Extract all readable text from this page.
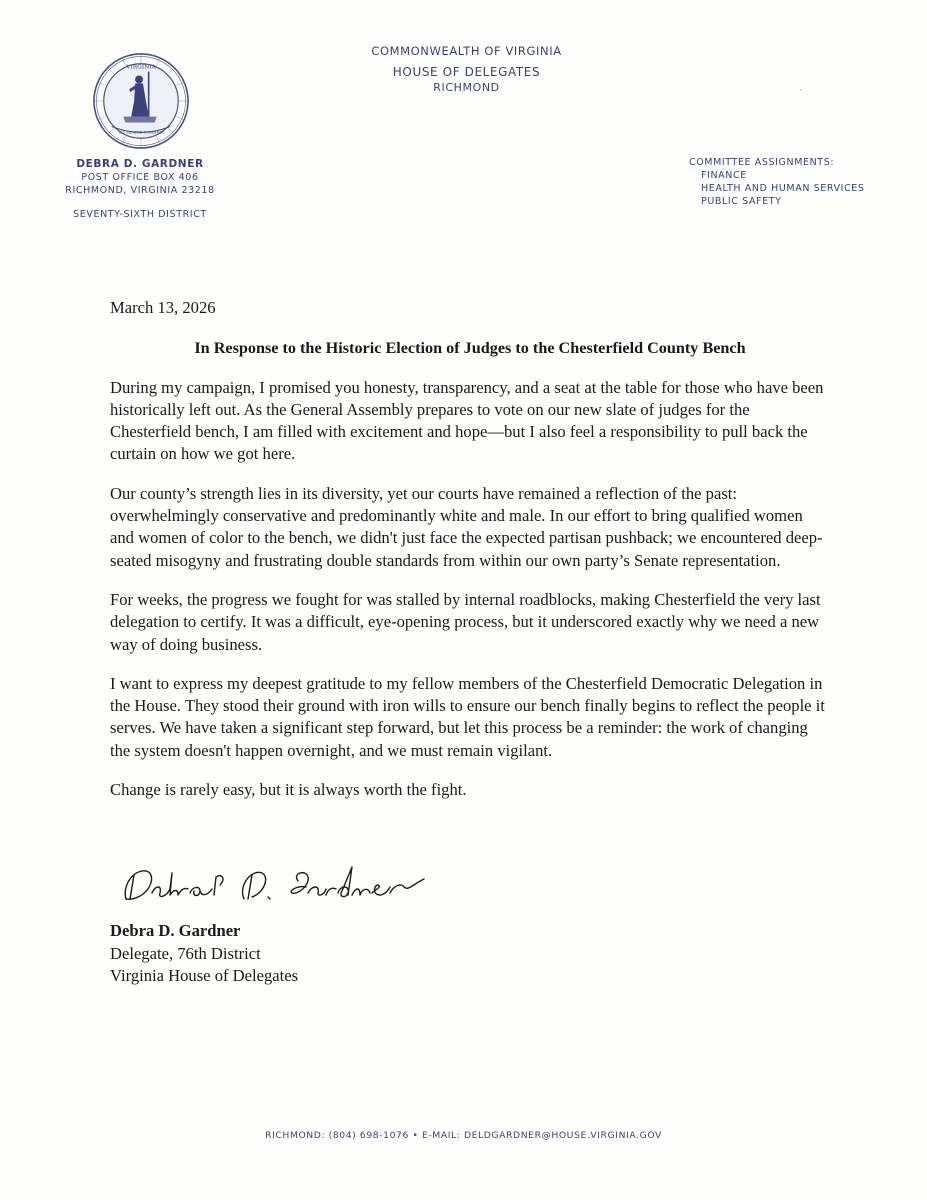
VIRGINIA
SIC SEMPER TYRANNIS
COMMONWEALTH OF VIRGINIA
HOUSE OF DELEGATES
RICHMOND
DEBRA D. GARDNER
POST OFFICE BOX 406
RICHMOND, VIRGINIA 23218
SEVENTY-SIXTH DISTRICT
COMMITTEE ASSIGNMENTS:
FINANCE
HEALTH AND HUMAN SERVICES
PUBLIC SAFETY

March 13, 2026

In Response to the Historic Election of Judges to the Chesterfield County Bench

During my campaign, I promised you honesty, transparency, and a seat at the table for those who have been historically left out. As the General Assembly prepares to vote on our new slate of judges for the Chesterfield bench, I am filled with excitement and hope—but I also feel a responsibility to pull back the curtain on how we got here.

Our county’s strength lies in its diversity, yet our courts have remained a reflection of the past: overwhelmingly conservative and predominantly white and male. In our effort to bring qualified women and women of color to the bench, we didn't just face the expected partisan pushback; we encountered deep-seated misogyny and frustrating double standards from within our own party’s Senate representation.

For weeks, the progress we fought for was stalled by internal roadblocks, making Chesterfield the very last delegation to certify. It was a difficult, eye-opening process, but it underscored exactly why we need a new way of doing business.

I want to express my deepest gratitude to my fellow members of the Chesterfield Democratic Delegation in the House. They stood their ground with iron wills to ensure our bench finally begins to reflect the people it serves. We have taken a significant step forward, but let this process be a reminder: the work of changing the system doesn't happen overnight, and we must remain vigilant.

Change is rarely easy, but it is always worth the fight.

Debra D. Gardner
Delegate, 76th District
Virginia House of Delegates
RICHMOND: (804) 698-1076 • E-MAIL: DELDGARDNER@HOUSE.VIRGINIA.GOV
